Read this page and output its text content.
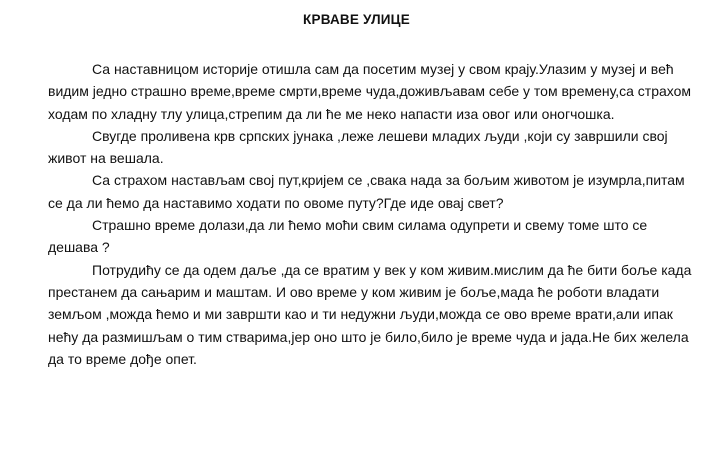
КРВАВЕ УЛИЦЕ
Са наставницом историје отишла сам да посетим музеј у свом крају.Улазим у музеј и већ
видим једно страшно време,време смрти,време чуда,доживљавам себе у том времену,са страхом
ходам по хладну тлу улица,стрепим да ли ће ме неко напасти иза овог или оногчошка.
Свугде проливена крв српских јунака ,леже лешеви младих људи ,који су завршили свој
живот на вешала.
Са страхом настављам свој пут,кријем се ,свака нада за бољим животом је изумрла,питам
се да ли ћемо да наставимо ходати по овоме путу?Где иде овај свет?
Страшно време долази,да ли ћемо моћи свим силама одупрети и свему томе што се
дешава ?
Потрудићу се да одем даље ,да се вратим у век у ком живим.мислим да ће бити боље када
престанем да сањарим и маштам. И ово време у ком живим је боље,мада ће роботи владати
земљом ,можда ћемо и ми завршти као и ти недужни људи,можда се ово време врати,али ипак
нећу да размишљам о тим стварима,јер оно што је било,било је време чуда и јада.Не бих желела
да то време дође опет.
